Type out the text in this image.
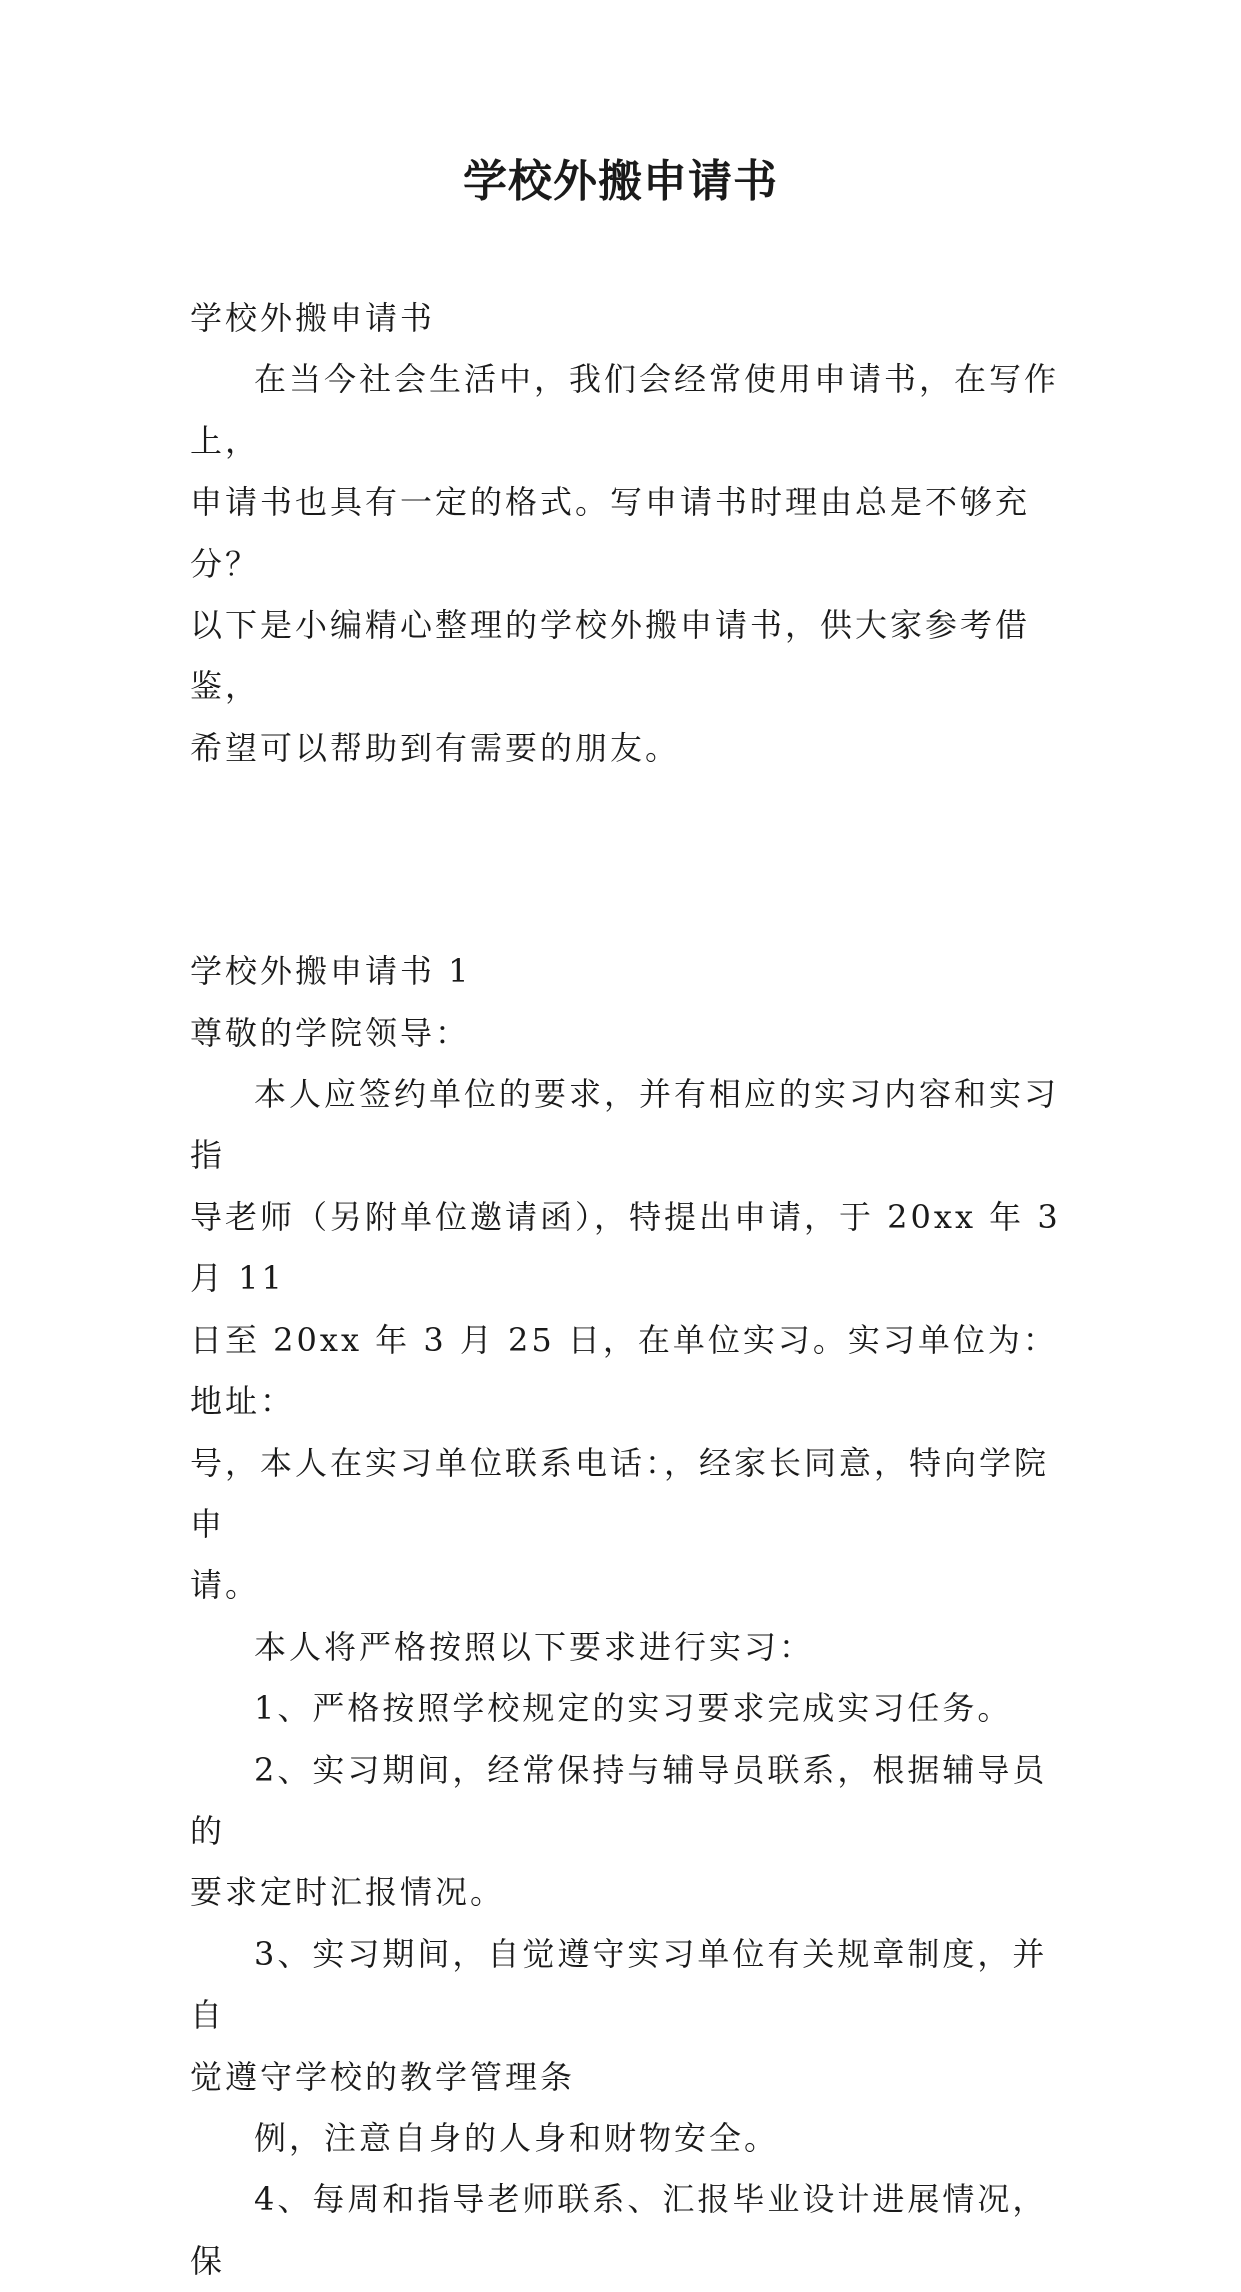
学校外搬申请书

学校外搬申请书

在当今社会生活中，我们会经常使用申请书，在写作上，

申请书也具有一定的格式。写申请书时理由总是不够充分？

以下是小编精心整理的学校外搬申请书，供大家参考借鉴，

希望可以帮助到有需要的朋友。

学校外搬申请书 1

尊敬的学院领导：

本人应签约单位的要求，并有相应的实习内容和实习指

导老师（另附单位邀请函），特提出申请，于 20xx 年 3 月 11

日至 20xx 年 3 月 25 日，在单位实习。实习单位为：地址：

号，本人在实习单位联系电话：，经家长同意，特向学院申

请。

本人将严格按照以下要求进行实习：

1、严格按照学校规定的实习要求完成实习任务。

2、实习期间，经常保持与辅导员联系，根据辅导员的

要求定时汇报情况。

3、实习期间，自觉遵守实习单位有关规章制度，并自

觉遵守学校的教学管理条

例，注意自身的人身和财物安全。

4、每周和指导老师联系、汇报毕业设计进展情况，保
